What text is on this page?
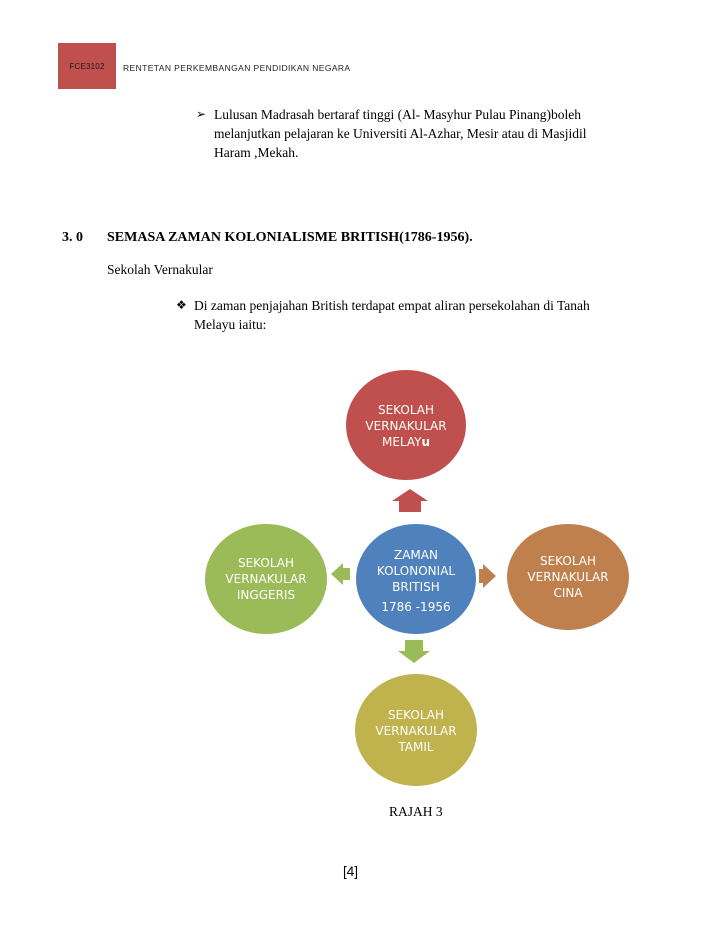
FCE3102 RENTETAN PERKEMBANGAN PENDIDIKAN NEGARA
➢ Lulusan Madrasah bertaraf tinggi (Al- Masyhur Pulau Pinang)boleh
melanjutkan pelajaran ke Universiti Al-Azhar, Mesir atau di Masjidil
Haram ,Mekah.
3. 0 SEMASA ZAMAN KOLONIALISME BRITISH(1786-1956).
Sekolah Vernakular
❖ Di zaman penjajahan British terdapat empat aliran persekolahan di Tanah
Melayu iaitu:
SEKOLAH
VERNAKULAR
MELAYu
SEKOLAH
VERNAKULAR
INGGERIS
ZAMAN
KOLONONIAL
BRITISH
1786 -1956
SEKOLAH
VERNAKULAR
CINA
SEKOLAH
VERNAKULAR
TAMIL
RAJAH 3
[4]
